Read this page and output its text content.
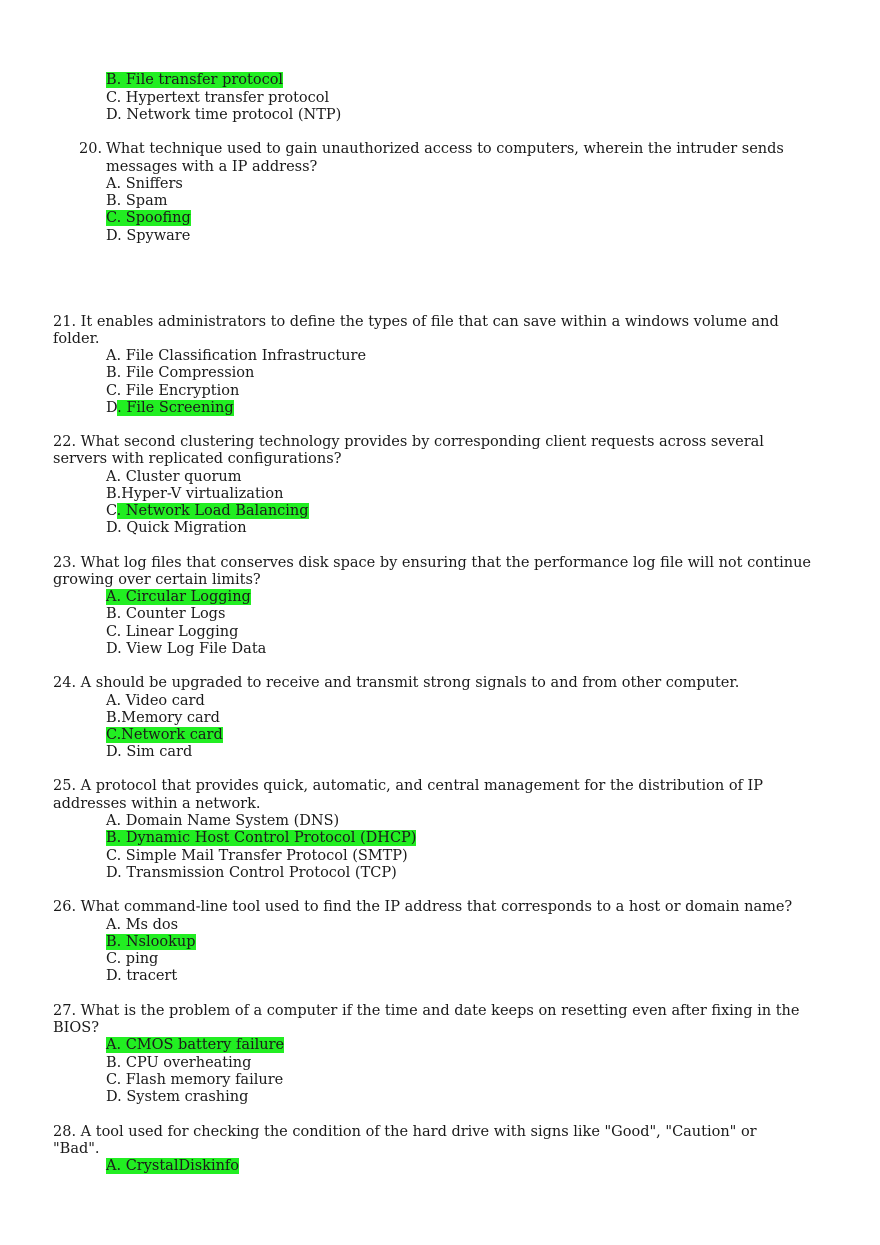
B. File transfer protocol
C. Hypertext transfer protocol
D. Network time protocol (NTP)
20. What technique used to gain unauthorized access to computers, wherein the intruder sends
messages with a IP address?
A. Sniffers
B. Spam
C. Spoofing
D. Spyware
21. It enables administrators to define the types of file that can save within a windows volume and
folder.
A. File Classification Infrastructure
B. File Compression
C. File Encryption
D. File Screening
22. What second clustering technology provides by corresponding client requests across several
servers with replicated configurations?
A. Cluster quorum
B.Hyper-V virtualization
C. Network Load Balancing
D. Quick Migration
23. What log files that conserves disk space by ensuring that the performance log file will not continue
growing over certain limits?
A. Circular Logging
B. Counter Logs
C. Linear Logging
D. View Log File Data
24. A should be upgraded to receive and transmit strong signals to and from other computer.
A. Video card
B.Memory card
C.Network card
D. Sim card
25. A protocol that provides quick, automatic, and central management for the distribution of IP
addresses within a network.
A. Domain Name System (DNS)
B. Dynamic Host Control Protocol (DHCP)
C. Simple Mail Transfer Protocol (SMTP)
D. Transmission Control Protocol (TCP)
26. What command-line tool used to find the IP address that corresponds to a host or domain name?
A. Ms dos
B. Nslookup
C. ping
D. tracert
27. What is the problem of a computer if the time and date keeps on resetting even after fixing in the
BIOS?
A. CMOS battery failure
B. CPU overheating
C. Flash memory failure
D. System crashing
28. A tool used for checking the condition of the hard drive with signs like "Good", "Caution" or
"Bad".
A. CrystalDiskinfo
